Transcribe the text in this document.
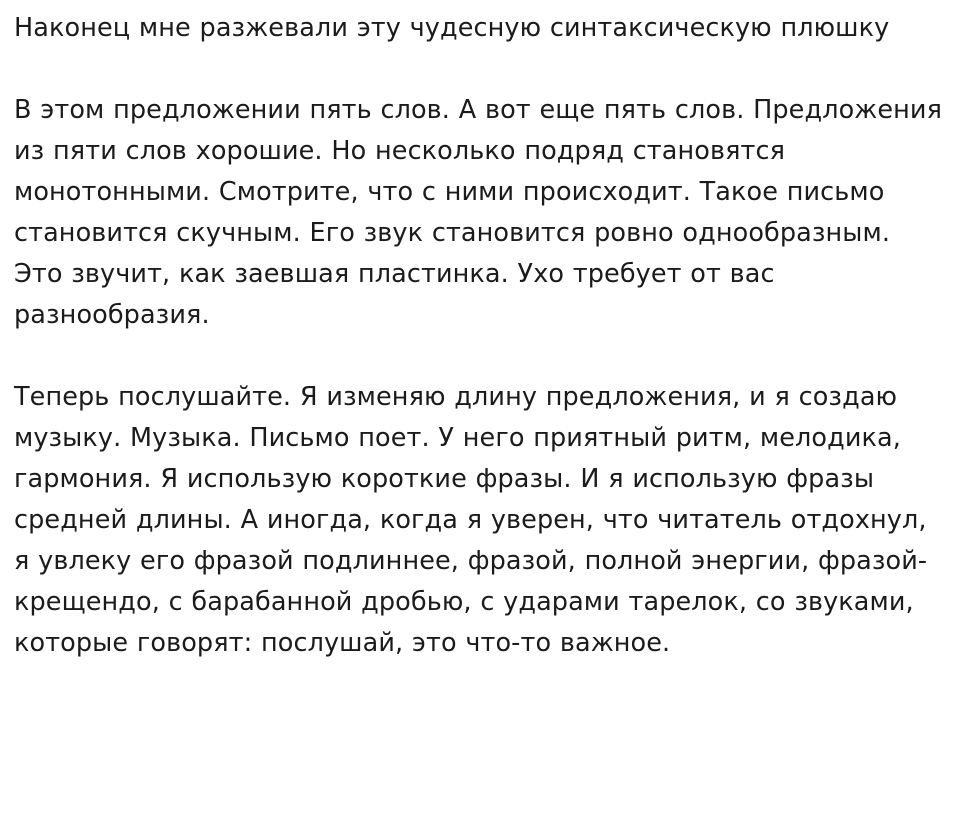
Наконец мне разжевали эту чудесную синтаксическую плюшку

В этом предложении пять слов. А вот еще пять слов. Предложения из пяти слов хорошие. Но несколько подряд становятся монотонными. Смотрите, что с ними происходит. Такое письмо становится скучным. Его звук становится ровно однообразным. Это звучит, как заевшая пластинка. Ухо требует от вас разнообразия.

Теперь послушайте. Я изменяю длину предложения, и я создаю музыку. Музыка. Письмо поет. У него приятный ритм, мелодика, гармония. Я использую короткие фразы. И я использую фразы средней длины. А иногда, когда я уверен, что читатель отдохнул, я увлеку его фразой подлиннее, фразой, полной энергии, фразой-крещендо, с барабанной дробью, с ударами тарелок, со звуками, которые говорят: послушай, это что-то важное.
